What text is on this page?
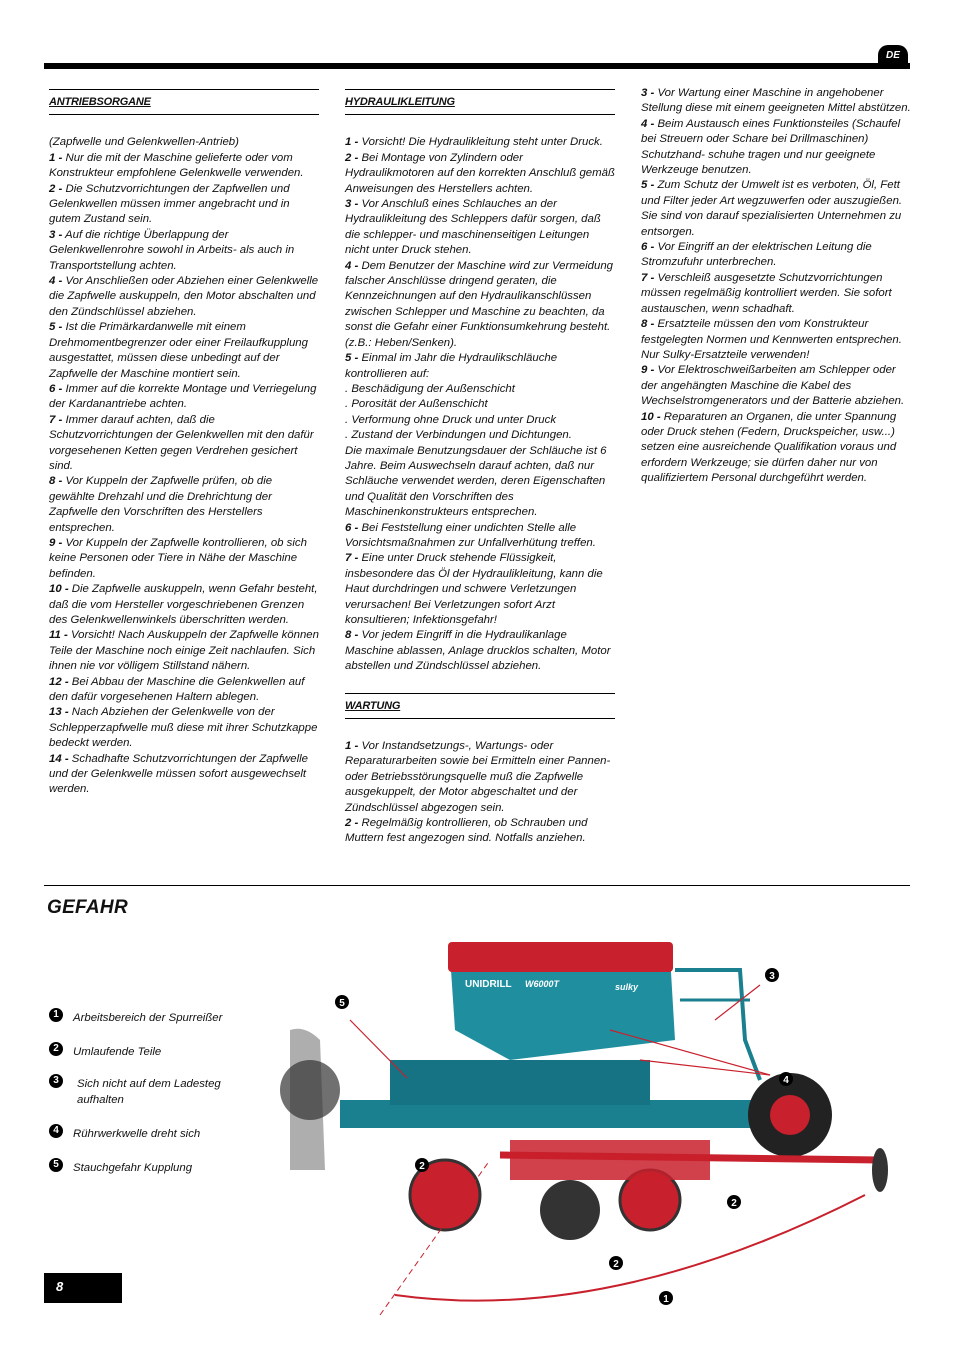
DE
ANTRIEBSORGANE

(Zapfwelle und Gelenkwellen-Antrieb)

1 - Nur die mit der Maschine gelieferte oder vom Konstrukteur empfohlene Gelenkwelle verwenden.

2 - Die Schutzvorrichtungen der Zapfwellen und Gelenkwellen müssen immer angebracht und in gutem Zustand sein.

3 - Auf die richtige Überlappung der Gelenkwellenrohre sowohl in Arbeits- als auch in Transportstellung achten.

4 - Vor Anschließen oder Abziehen einer Gelenkwelle die Zapfwelle auskuppeln, den Motor abschalten und den Zündschlüssel abziehen.

5 - Ist die Primärkardanwelle mit einem Drehmomentbegrenzer oder einer Freilaufkupplung ausgestattet, müssen diese unbedingt auf der Zapfwelle der Maschine montiert sein.

6 - Immer auf die korrekte Montage und Verriegelung der Kardanantriebe achten.

7 - Immer darauf achten, daß die Schutzvorrichtungen der Gelenkwellen mit den dafür vorgesehenen Ketten gegen Verdrehen gesichert sind.

8 - Vor Kuppeln der Zapfwelle prüfen, ob die gewählte Drehzahl und die Drehrichtung der Zapfwelle den Vorschriften des Herstellers entsprechen.

9 - Vor Kuppeln der Zapfwelle kontrollieren, ob sich keine Personen oder Tiere in Nähe der Maschine befinden.

10 - Die Zapfwelle auskuppeln, wenn Gefahr besteht, daß die vom Hersteller vorgeschriebenen Grenzen des Gelenkwellenwinkels überschritten werden.

11 - Vorsicht! Nach Auskuppeln der Zapfwelle können Teile der Maschine noch einige Zeit nachlaufen. Sich ihnen nie vor völligem Stillstand nähern.

12 - Bei Abbau der Maschine die Gelenkwellen auf den dafür vorgesehenen Haltern ablegen.

13 - Nach Abziehen der Gelenkwelle von der Schlepperzapfwelle muß diese mit ihrer Schutzkappe bedeckt werden.

14 - Schadhafte Schutzvorrichtungen der Zapfwelle und der Gelenkwelle müssen sofort ausgewechselt werden.

HYDRAULIKLEITUNG

1 - Vorsicht! Die Hydraulikleitung steht unter Druck.

2 - Bei Montage von Zylindern oder Hydraulikmotoren auf den korrekten Anschluß gemäß Anweisungen des Herstellers achten.

3 - Vor Anschluß eines Schlauches an der Hydraulikleitung des Schleppers dafür sorgen, daß die schlepper- und maschinenseitigen Leitungen nicht unter Druck stehen.

4 - Dem Benutzer der Maschine wird zur Vermeidung falscher Anschlüsse dringend geraten, die Kennzeichnungen auf den Hydraulikanschlüssen zwischen Schlepper und Maschine zu beachten, da sonst die Gefahr einer Funktionsumkehrung besteht. (z.B.: Heben/Senken).

5 - Einmal im Jahr die Hydraulikschläuche kontrollieren auf:

. Beschädigung der Außenschicht

. Porosität der Außenschicht

. Verformung ohne Druck und unter Druck

. Zustand der Verbindungen und Dichtungen.

Die maximale Benutzungsdauer der Schläuche ist 6 Jahre. Beim Auswechseln darauf achten, daß nur Schläuche verwendet werden, deren Eigenschaften und Qualität den Vorschriften des Maschinenkonstrukteurs entsprechen.

6 - Bei Feststellung einer undichten Stelle alle Vorsichtsmaßnahmen zur Unfallverhütung treffen.

7 - Eine unter Druck stehende Flüssigkeit, insbesondere das Öl der Hydraulikleitung, kann die Haut durchdringen und schwere Verletzungen verursachen! Bei Verletzungen sofort Arzt konsultieren; Infektionsgefahr!

8 - Vor jedem Eingriff in die Hydraulikanlage Maschine ablassen, Anlage drucklos schalten, Motor abstellen und Zündschlüssel abziehen.

WARTUNG

1 - Vor Instandsetzungs-, Wartungs- oder Reparaturarbeiten sowie bei Ermitteln einer Pannen- oder Betriebsstörungsquelle muß die Zapfwelle ausgekuppelt, der Motor abgeschaltet und der Zündschlüssel abgezogen sein.

2 - Regelmäßig kontrollieren, ob Schrauben und Muttern fest angezogen sind. Notfalls anziehen.

3 - Vor Wartung einer Maschine in angehobener Stellung diese mit einem geeigneten Mittel abstützen.

4 - Beim Austausch eines Funktionsteiles (Schaufel bei Streuern oder Schare bei Drillmaschinen) Schutzhand- schuhe tragen und nur geeignete Werkzeuge benutzen.

5 - Zum Schutz der Umwelt ist es verboten, Öl, Fett und Filter jeder Art wegzuwerfen oder auszugießen. Sie sind von darauf spezialisierten Unternehmen zu entsorgen.

6 - Vor Eingriff an der elektrischen Leitung die Stromzufuhr unterbrechen.

7 - Verschleiß ausgesetzte Schutzvorrichtungen müssen regelmäßig kontrolliert werden. Sie sofort austauschen, wenn schadhaft.

8 - Ersatzteile müssen den vom Konstrukteur festgelegten Normen und Kennwerten entsprechen. Nur Sulky-Ersatzteile verwenden!

9 - Vor Elektroschweißarbeiten am Schlepper oder der angehängten Maschine die Kabel des Wechselstromgenerators und der Batterie abziehen.

10 - Reparaturen an Organen, die unter Spannung oder Druck stehen (Federn, Druckspeicher, usw...) setzen eine ausreichende Qualifikation voraus und erfordern Werkzeuge; sie dürfen daher nur von qualifiziertem Personal durchgeführt werden.

GEFAHR
1	Arbeitsbereich der Spurreißer
2	Umlaufende Teile
3	Sich nicht auf dem Ladesteg aufhalten
4	Rührwerkwelle dreht sich
5	Stauchgefahr Kupplung
UNIDRILL W6000T	sulky
5
3
4
2
2
2
1
8
